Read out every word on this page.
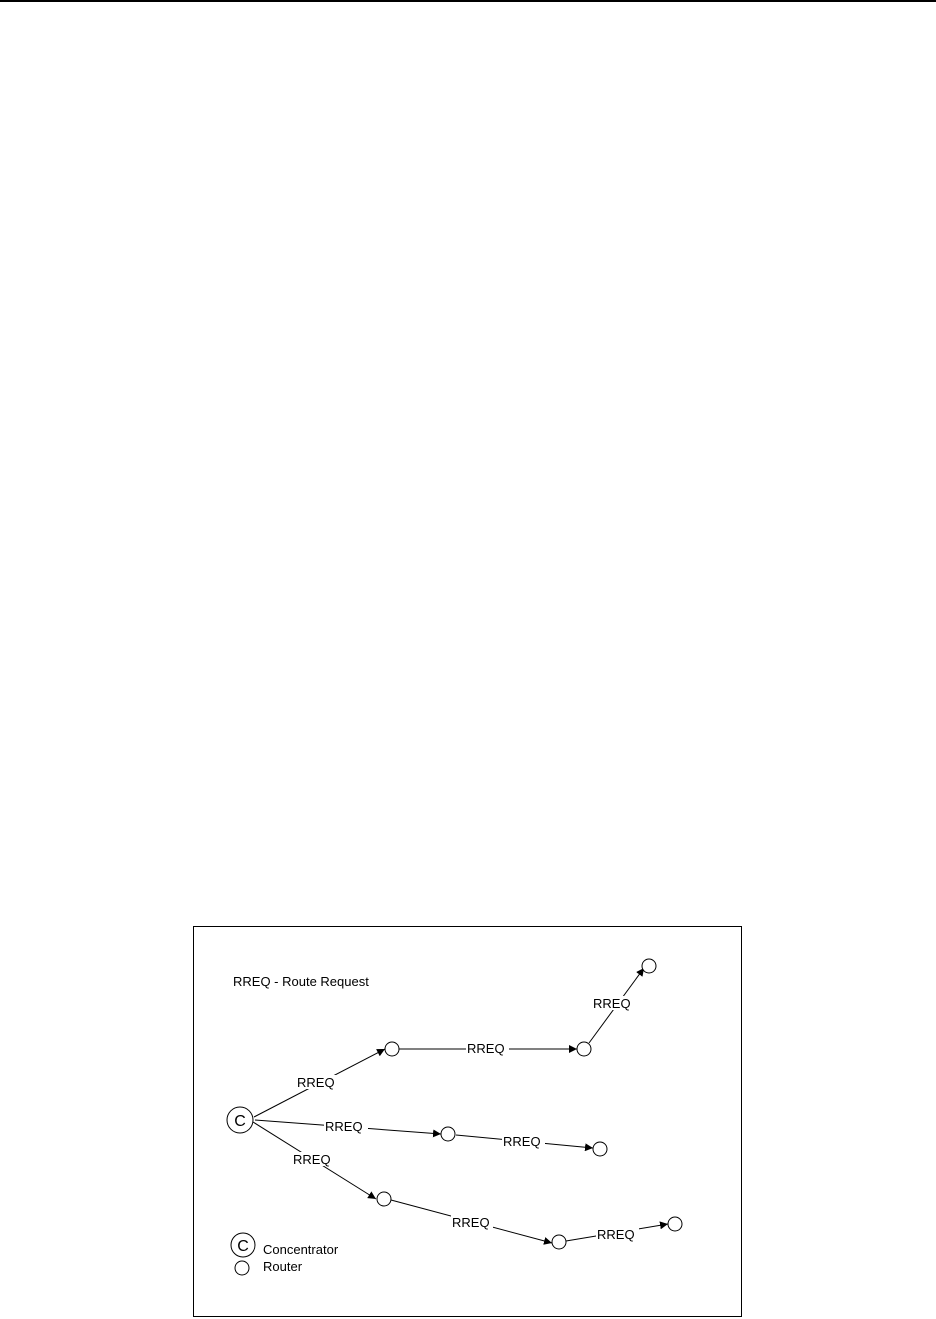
RREQ - Route Request
RREQ
RREQ
RREQ
RREQ
RREQ
RREQ
RREQ
RREQ
C
C Concentrator
Router
